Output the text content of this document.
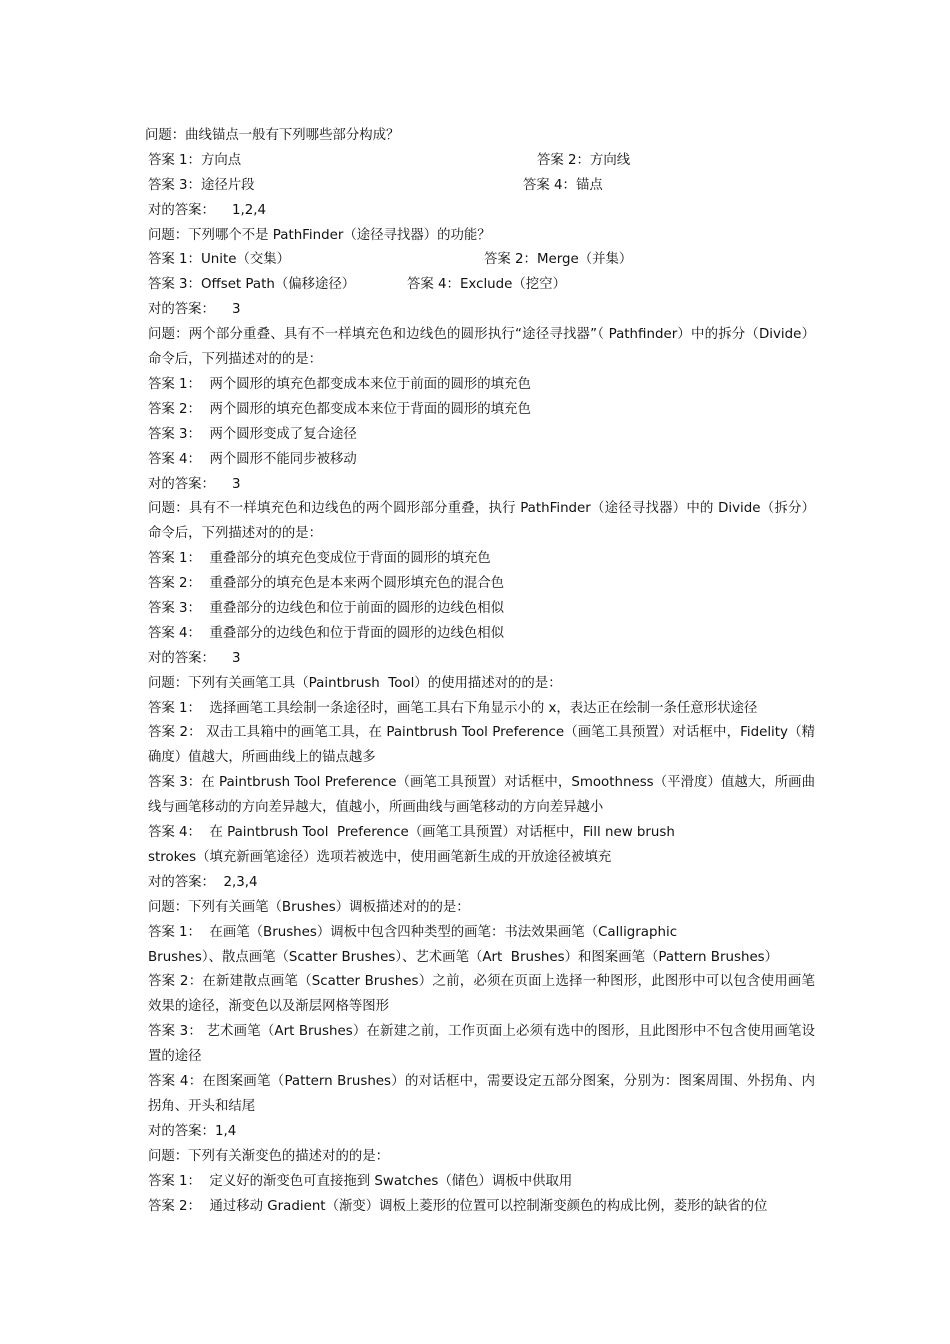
问题：曲线锚点一般有下列哪些部分构成？
答案 1：方向点	答案 2：方向线
答案 3：途径片段	答案 4：锚点
对的答案：    1,2,4
问题：下列哪个不是 PathFinder（途径寻找器）的功能？
答案 1：Unite（交集）	答案 2：Merge（并集）
答案 3：Offset Path（偏移途径）	答案 4：Exclude（挖空）
对的答案：    3
问题：两个部分重叠、具有不一样填充色和边线色的圆形执行“途径寻找器”（ Pathfinder）中的拆分（Divide）命令后，下列描述对的的是：
答案 1：  两个圆形的填充色都变成本来位于前面的圆形的填充色
答案 2：  两个圆形的填充色都变成本来位于背面的圆形的填充色
答案 3：  两个圆形变成了复合途径
答案 4：  两个圆形不能同步被移动
对的答案：    3
问题：具有不一样填充色和边线色的两个圆形部分重叠，执行 PathFinder（途径寻找器）中的 Divide（拆分）命令后，下列描述对的的是：
答案 1：  重叠部分的填充色变成位于背面的圆形的填充色
答案 2：  重叠部分的填充色是本来两个圆形填充色的混合色
答案 3：  重叠部分的边线色和位于前面的圆形的边线色相似
答案 4：  重叠部分的边线色和位于背面的圆形的边线色相似
对的答案：    3
问题：下列有关画笔工具（Paintbrush  Tool）的使用描述对的的是：
答案 1：  选择画笔工具绘制一条途径时，画笔工具右下角显示小的 x，表达正在绘制一条任意形状途径
答案 2： 双击工具箱中的画笔工具，在 Paintbrush Tool Preference（画笔工具预置）对话框中，Fidelity（精确度）值越大，所画曲线上的锚点越多
答案 3：在 Paintbrush Tool Preference（画笔工具预置）对话框中，Smoothness（平滑度）值越大，所画曲线与画笔移动的方向差异越大，值越小，所画曲线与画笔移动的方向差异越小
答案 4：  在 Paintbrush Tool  Preference（画笔工具预置）对话框中，Fill new brush
strokes（填充新画笔途径）选项若被选中，使用画笔新生成的开放途径被填充
对的答案：  2,3,4
问题：下列有关画笔（Brushes）调板描述对的的是：
答案 1：  在画笔（Brushes）调板中包含四种类型的画笔：书法效果画笔（Calligraphic
Brushes）、散点画笔（Scatter Brushes）、艺术画笔（Art  Brushes）和图案画笔（Pattern Brushes）
答案 2：在新建散点画笔（Scatter Brushes）之前，必须在页面上选择一种图形，此图形中可以包含使用画笔效果的途径，渐变色以及渐层网格等图形
答案 3： 艺术画笔（Art Brushes）在新建之前，工作页面上必须有选中的图形，且此图形中不包含使用画笔设置的途径
答案 4：在图案画笔（Pattern Brushes）的对话框中，需要设定五部分图案，分别为：图案周围、外拐角、内拐角、开头和结尾
对的答案：1,4
问题：下列有关渐变色的描述对的的是：
答案 1：  定义好的渐变色可直接拖到 Swatches（储色）调板中供取用
答案 2：  通过移动 Gradient（渐变）调板上菱形的位置可以控制渐变颜色的构成比例，菱形的缺省的位
